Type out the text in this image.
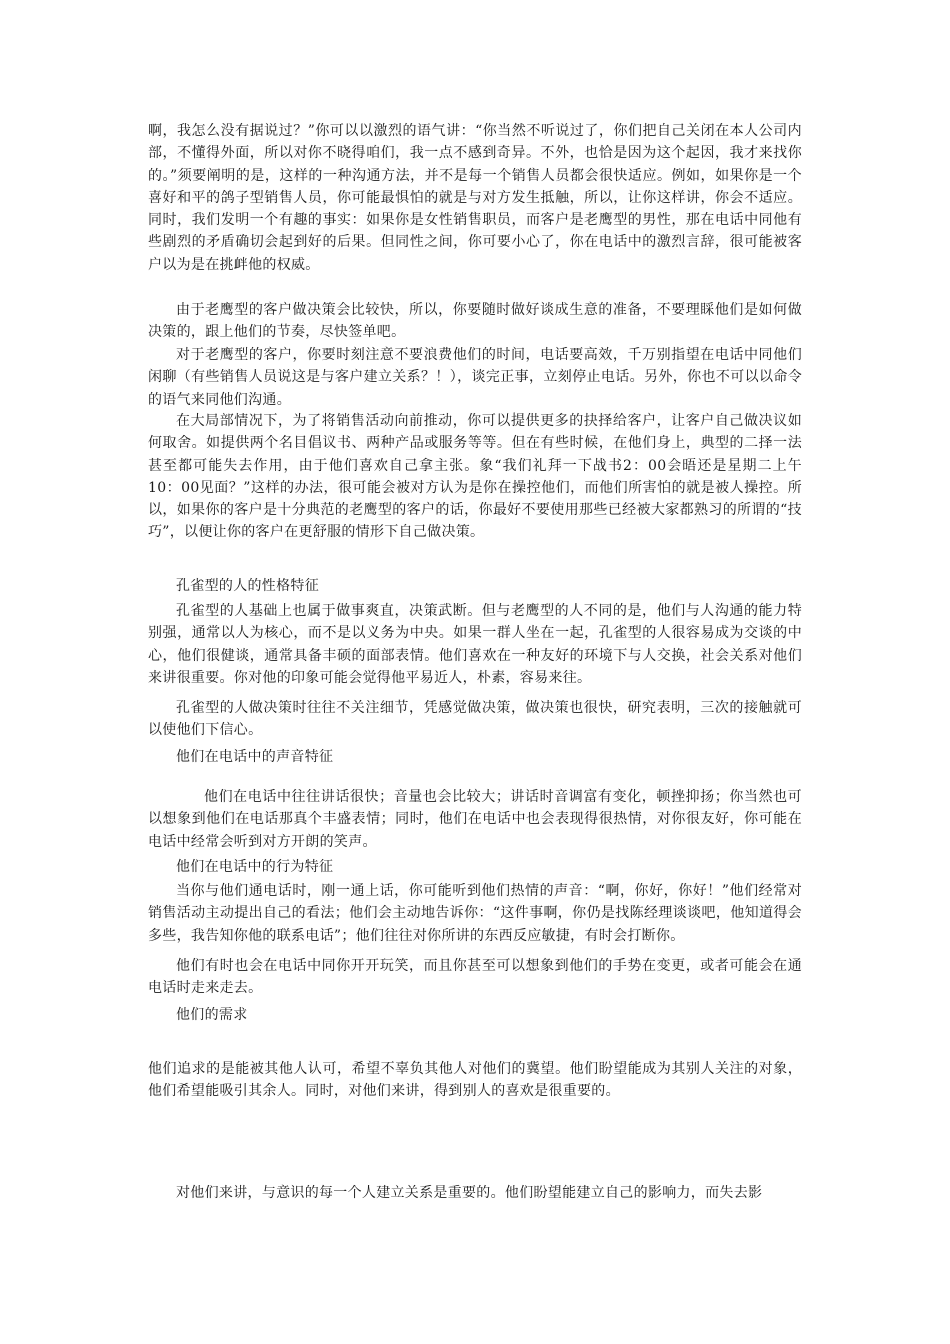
啊，我怎么没有据说过？”你可以以激烈的语气讲：“你当然不听说过了，你们把自己关闭在本人公司内部，不懂得外面，所以对你不晓得咱们，我一点不感到奇异。不外，也恰是因为这个起因，我才来找你的。”须要阐明的是，这样的一种沟通方法，并不是每一个销售人员都会很快适应。例如，如果你是一个喜好和平的鸽子型销售人员，你可能最惧怕的就是与对方发生抵触，所以，让你这样讲，你会不适应。同时，我们发明一个有趣的事实：如果你是女性销售职员，而客户是老鹰型的男性，那在电话中同他有些剧烈的矛盾确切会起到好的后果。但同性之间，你可要小心了，你在电话中的激烈言辞，很可能被客户以为是在挑衅他的权威。

由于老鹰型的客户做决策会比较快，所以，你要随时做好谈成生意的准备，不要理睬他们是如何做决策的，跟上他们的节奏，尽快签单吧。

对于老鹰型的客户，你要时刻注意不要浪费他们的时间，电话要高效，千万别指望在电话中同他们闲聊（有些销售人员说这是与客户建立关系？！），谈完正事，立刻停止电话。另外，你也不可以以命令的语气来同他们沟通。

在大局部情况下，为了将销售活动向前推动，你可以提供更多的抉择给客户，让客户自己做决议如何取舍。如提供两个名目倡议书、两种产品或服务等等。但在有些时候，在他们身上，典型的二择一法甚至都可能失去作用，由于他们喜欢自己拿主张。象“我们礼拜一下战书2：00会晤还是星期二上午10：00见面？”这样的办法，很可能会被对方认为是你在操控他们，而他们所害怕的就是被人操控。所以，如果你的客户是十分典范的老鹰型的客户的话，你最好不要使用那些已经被大家都熟习的所谓的“技巧”，以便让你的客户在更舒服的情形下自己做决策。

孔雀型的人的性格特征

孔雀型的人基础上也属于做事爽直，决策武断。但与老鹰型的人不同的是，他们与人沟通的能力特别强，通常以人为核心，而不是以义务为中央。如果一群人坐在一起，孔雀型的人很容易成为交谈的中心，他们很健谈，通常具备丰硕的面部表情。他们喜欢在一种友好的环境下与人交换，社会关系对他们来讲很重要。你对他的印象可能会觉得他平易近人，朴素，容易来往。

孔雀型的人做决策时往往不关注细节，凭感觉做决策，做决策也很快，研究表明，三次的接触就可以使他们下信心。

他们在电话中的声音特征

他们在电话中往往讲话很快；音量也会比较大；讲话时音调富有变化，顿挫抑扬；你当然也可以想象到他们在电话那真个丰盛表情；同时，他们在电话中也会表现得很热情，对你很友好，你可能在电话中经常会听到对方开朗的笑声。

他们在电话中的行为特征

当你与他们通电话时，刚一通上话，你可能听到他们热情的声音：“啊，你好，你好！”他们经常对销售活动主动提出自己的看法；他们会主动地告诉你：“这件事啊，你仍是找陈经理谈谈吧，他知道得会多些，我告知你他的联系电话”；他们往往对你所讲的东西反应敏捷，有时会打断你。

他们有时也会在电话中同你开开玩笑，而且你甚至可以想象到他们的手势在变更，或者可能会在通电话时走来走去。

他们的需求

他们追求的是能被其他人认可，希望不辜负其他人对他们的冀望。他们盼望能成为其别人关注的对象，他们希望能吸引其余人。同时，对他们来讲，得到别人的喜欢是很重要的。

对他们来讲，与意识的每一个人建立关系是重要的。他们盼望能建立自己的影响力，而失去影
